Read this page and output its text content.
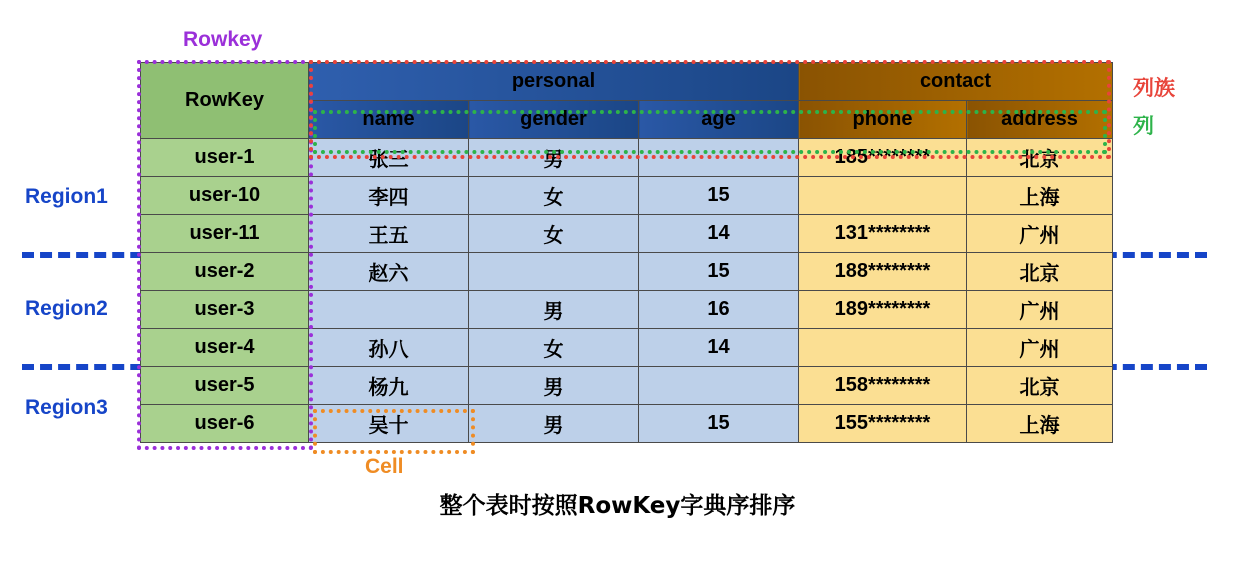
Rowkey
列族
列
Cell
Region1
Region2
Region3
RowKey	personal			contact	
	name	gender	age	phone	address
user-1	张三	男		185********	北京
user-10	李四	女	15		上海
user-11	王五	女	14	131********	广州
user-2	赵六		15	188********	北京
user-3		男	16	189********	广州
user-4	孙八	女	14		广州
user-5	杨九	男		158********	北京
user-6	吴十	男	15	155********	上海
整个表时按照RowKey字典序排序
